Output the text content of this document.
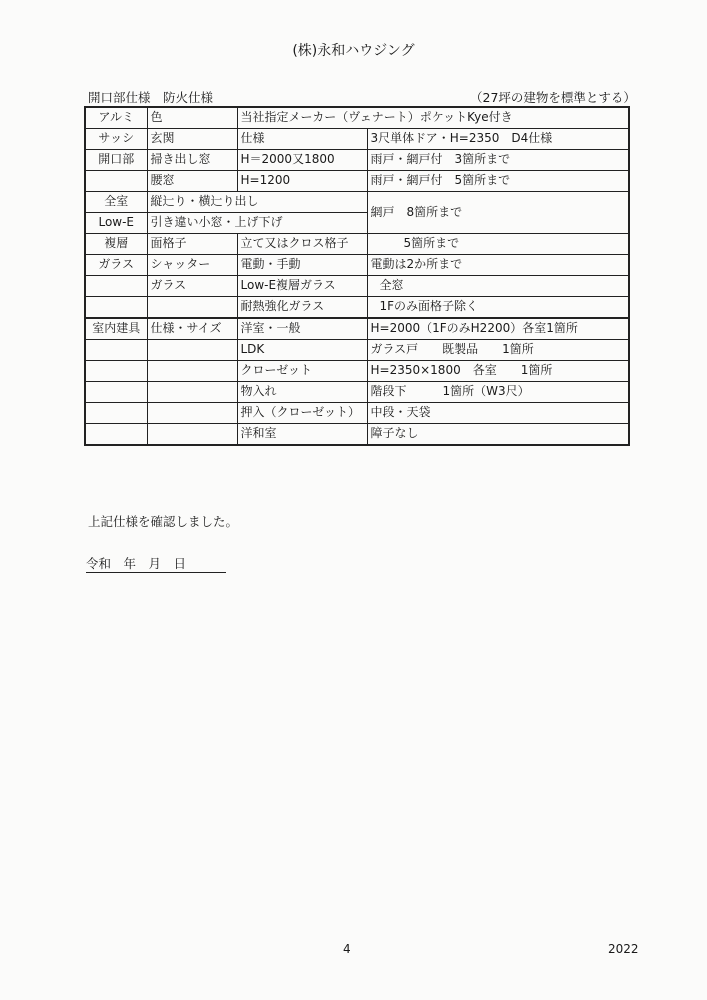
(株)永和ハウジング
開口部仕様　防火仕様	（27坪の建物を標準とする）
アルミ	色	当社指定メーカー（ヴェナート）ポケットKye付き	
サッシ	玄関	仕様	3尺単体ドア・H=2350　D4仕様
開口部	掃き出し窓	H＝2000又1800	雨戸・網戸付　3箇所まで
	腰窓	H=1200	雨戸・網戸付　5箇所まで
全室	縦辷り・横辷り出し		網戸　8箇所まで
Low-E	引き違い小窓・上げ下げ		
複層	面格子	立て又はクロス格子	5箇所まで
ガラス	シャッター	電動・手動	電動は2か所まで
	ガラス	Low-E複層ガラス	全窓
		耐熱強化ガラス	1Fのみ面格子除く
室内建具	仕様・サイズ	洋室・一般	H=2000（1FのみH2200）各室1箇所
		LDK	ガラス戸　　既製品　　1箇所
		クローゼット	H=2350×1800　各室　　1箇所
		物入れ	階段下　　　1箇所（W3尺）
		押入（クローゼット）	中段・天袋
		洋和室	障子なし
上記仕様を確認しました。
令和　年　月　日
4	2022
